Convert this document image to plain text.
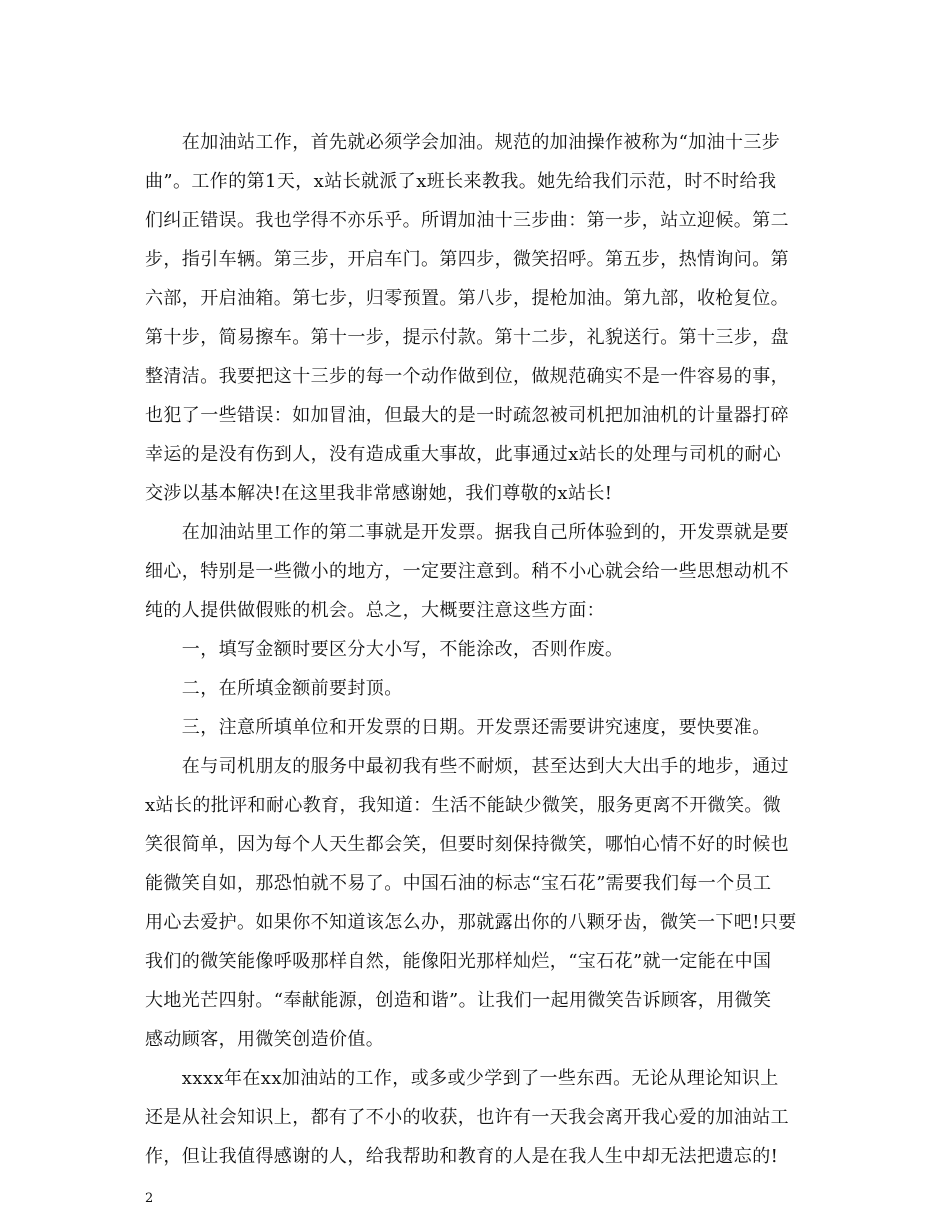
　　在加油站工作，首先就必须学会加油。规范的加油操作被称为“加油十三步
曲”。工作的第1天，x站长就派了x班长来教我。她先给我们示范，时不时给我
们纠正错误。我也学得不亦乐乎。所谓加油十三步曲：第一步，站立迎候。第二
步，指引车辆。第三步，开启车门。第四步，微笑招呼。第五步，热情询问。第
六部，开启油箱。第七步，归零预置。第八步，提枪加油。第九部，收枪复位。
第十步，简易擦车。第十一步，提示付款。第十二步，礼貌送行。第十三步，盘
整清洁。我要把这十三步的每一个动作做到位，做规范确实不是一件容易的事，
也犯了一些错误：如加冒油，但最大的是一时疏忽被司机把加油机的计量器打碎
幸运的是没有伤到人，没有造成重大事故，此事通过x站长的处理与司机的耐心
交涉以基本解决!在这里我非常感谢她，我们尊敬的x站长!
　　在加油站里工作的第二事就是开发票。据我自己所体验到的，开发票就是要
细心，特别是一些微小的地方，一定要注意到。稍不小心就会给一些思想动机不
纯的人提供做假账的机会。总之，大概要注意这些方面：
　　一，填写金额时要区分大小写，不能涂改，否则作废。
　　二，在所填金额前要封顶。
　　三，注意所填单位和开发票的日期。开发票还需要讲究速度，要快要准。
　　在与司机朋友的服务中最初我有些不耐烦，甚至达到大大出手的地步，通过
x站长的批评和耐心教育，我知道：生活不能缺少微笑，服务更离不开微笑。微
笑很简单，因为每个人天生都会笑，但要时刻保持微笑，哪怕心情不好的时候也
能微笑自如，那恐怕就不易了。中国石油的标志“宝石花”需要我们每一个员工
用心去爱护。如果你不知道该怎么办，那就露出你的八颗牙齿，微笑一下吧!只要
我们的微笑能像呼吸那样自然，能像阳光那样灿烂，“宝石花”就一定能在中国
大地光芒四射。“奉献能源，创造和谐”。让我们一起用微笑告诉顾客，用微笑
感动顾客，用微笑创造价值。
　　xxxx年在xx加油站的工作，或多或少学到了一些东西。无论从理论知识上
还是从社会知识上，都有了不小的收获，也许有一天我会离开我心爱的加油站工
作，但让我值得感谢的人，给我帮助和教育的人是在我人生中却无法把遗忘的!
2
